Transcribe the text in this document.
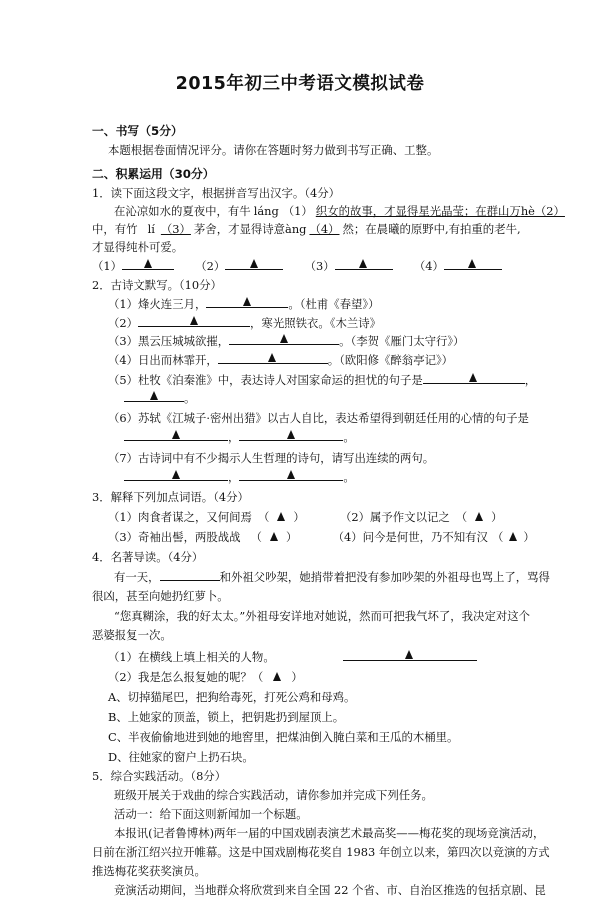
2015年初三中考语文模拟试卷
一、书写（5分）
本题根据卷面情况评分。请你在答题时努力做到书写正确、工整。
二、积累运用（30分）
1．读下面这段文字，根据拼音写出汉字。（4分）
在沁凉如水的夏夜中，有牛 láng （1） 织女的故事，才显得星光晶莹；在群山万hè（2）
中，有竹 lí （3） 茅舍，才显得诗意àng （4） 然；在晨曦的原野中,有拍重的老牛,
才显得纯朴可爱。
（1）	（2）	（3）	（4）
2．古诗文默写。（10分）
（1）烽火连三月，	。（杜甫《春望》）
（2）	，寒光照铁衣。《木兰诗》
（3）黑云压城城欲摧，	。（李贺《雁门太守行》）
（4）日出而林霏开，	。（欧阳修《醉翁亭记》）
（5）杜牧《泊秦淮》中，表达诗人对国家命运的担忧的句子是	，
。
（6）苏轼《江城子·密州出猎》以古人自比，表达希望得到朝廷任用的心情的句子是
，	。
（7）古诗词中有不少揭示人生哲理的诗句，请写出连续的两句。
，	。
3．解释下列加点词语。（4分）
（1）肉食者谋之，又何间焉 （ ）	（2）属予作文以记之 （ ）
（3）奇袖出髻，两股战战 （ ）	（4）问今是何世，乃不知有汉 （ ）
4．名著导读。（4分）
有一天，	和外祖父吵架，她捎带着把没有参加吵架的外祖母也骂上了，骂得
很凶，甚至向她扔红萝卜。
“您真糊涂，我的好太太。”外祖母安详地对她说，然而可把我气坏了，我决定对这个
恶婆报复一次。
（1）在横线上填上相关的人物。
（2）我是怎么报复她的呢？（ ）
A、切掉猫尾巴，把狗给毒死，打死公鸡和母鸡。
B、上她家的顶盖，锁上，把钥匙扔到屋顶上。
C、半夜偷偷地进到她的地窖里，把煤油倒入腌白菜和王瓜的木桶里。
D、往她家的窗户上扔石块。
5．综合实践活动。（8分）
班级开展关于戏曲的综合实践活动，请你参加并完成下列任务。
活动一：给下面这则新闻加一个标题。
本报讯(记者鲁博林)两年一届的中国戏剧表演艺术最高奖——梅花奖的现场竞演活动，
日前在浙江绍兴拉开帷幕。这是中国戏剧梅花奖自 1983 年创立以来，第四次以竞演的方式
推选梅花奖获奖演员。
竞演活动期间，当地群众将欣赏到来自全国 22 个省、市、自治区推选的包括京剧、昆
